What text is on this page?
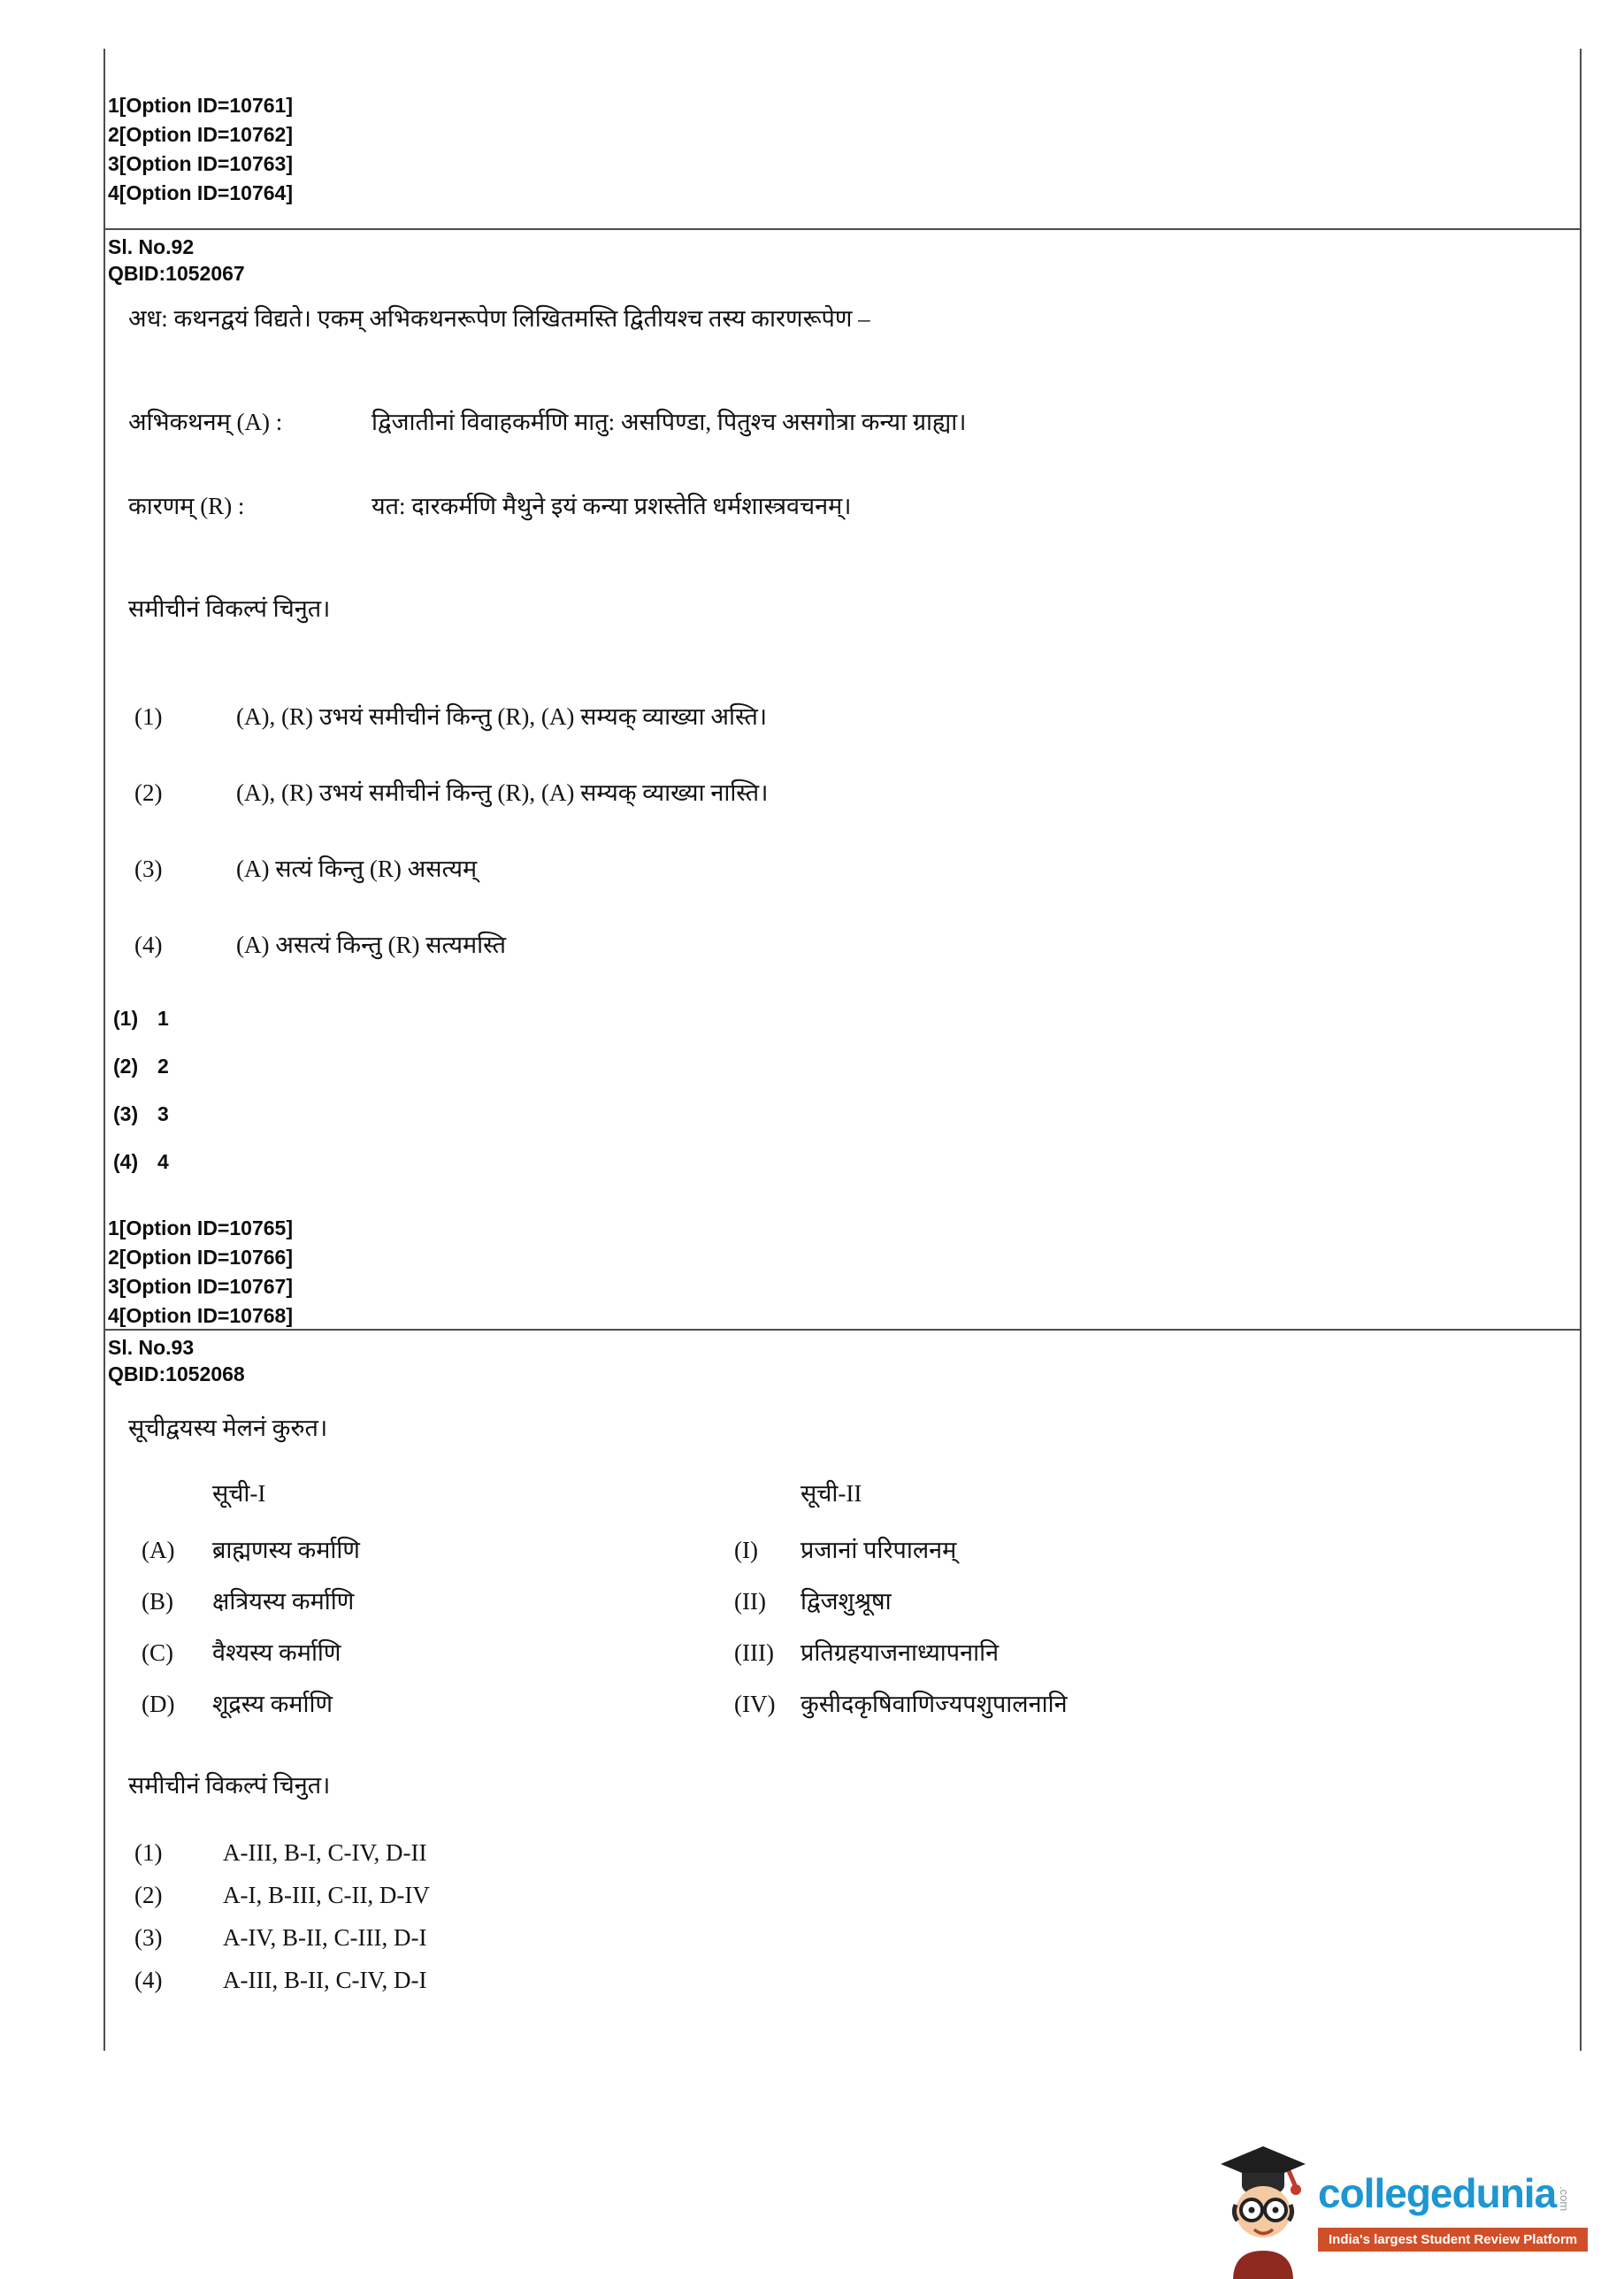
1[Option ID=10761]
2[Option ID=10762]
3[Option ID=10763]
4[Option ID=10764]
Sl. No.92
QBID:1052067
अध: कथनद्वयं विद्यते। एकम् अभिकथनरूपेण लिखितमस्ति द्वितीयश्च तस्य कारणरूपेण –
अभिकथनम् (A) :	द्विजातीनां विवाहकर्मणि मातु: असपिण्डा, पितुश्च असगोत्रा कन्या ग्राह्या।
कारणम् (R) :	यत: दारकर्मणि मैथुने इयं कन्या प्रशस्तेति धर्मशास्त्रवचनम्।
समीचीनं विकल्पं चिनुत।
(1)	(A), (R) उभयं समीचीनं किन्तु (R), (A) सम्यक् व्याख्या अस्ति।
(2)	(A), (R) उभयं समीचीनं किन्तु (R), (A) सम्यक् व्याख्या नास्ति।
(3)	(A) सत्यं किन्तु (R) असत्यम्
(4)	(A) असत्यं किन्तु (R) सत्यमस्ति
(1) 1
(2) 2
(3) 3
(4) 4
1[Option ID=10765]
2[Option ID=10766]
3[Option ID=10767]
4[Option ID=10768]
Sl. No.93
QBID:1052068
सूचीद्वयस्य मेलनं कुरुत।
सूची-I	सूची-II
(A) ब्राह्मणस्य कर्माणि	(I) प्रजानां परिपालनम्
(B) क्षत्रियस्य कर्माणि	(II) द्विजशुश्रूषा
(C) वैश्यस्य कर्माणि	(III) प्रतिग्रहयाजनाध्यापनानि
(D) शूद्रस्य कर्माणि	(IV) कुसीदकृषिवाणिज्यपशुपालनानि
समीचीनं विकल्पं चिनुत।
(1)	A-III, B-I, C-IV, D-II
(2)	A-I, B-III, C-II, D-IV
(3)	A-IV, B-II, C-III, D-I
(4)	A-III, B-II, C-IV, D-I
collegedunia .com
India's largest Student Review Platform
